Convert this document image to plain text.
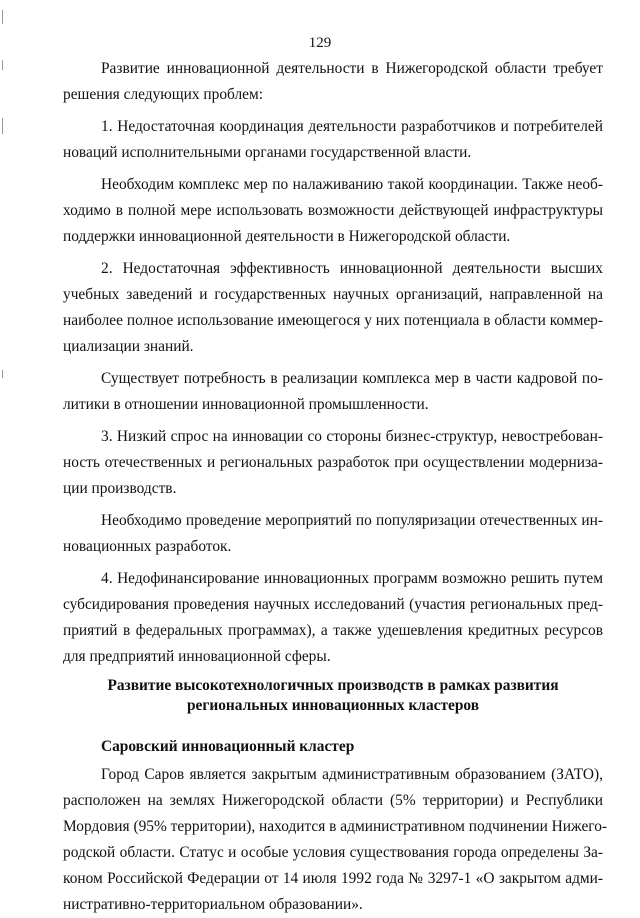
129

Развитие инновационной деятельности в Нижегородской области требует
решения следующих проблем:

1. Недостаточная координация деятельности разработчиков и потребителей
новаций исполнительными органами государственной власти.

Необходим комплекс мер по налаживанию такой координации. Также необ-
ходимо в полной мере использовать возможности действующей инфраструктуры
поддержки инновационной деятельности в Нижегородской области.

2. Недостаточная эффективность инновационной деятельности высших
учебных заведений и государственных научных организаций, направленной на
наиболее полное использование имеющегося у них потенциала в области коммер-
циализации знаний.

Существует потребность в реализации комплекса мер в части кадровой по-
литики в отношении инновационной промышленности.

3. Низкий спрос на инновации со стороны бизнес-структур, невостребован-
ность отечественных и региональных разработок при осуществлении модерниза-
ции производств.

Необходимо проведение мероприятий по популяризации отечественных ин-
новационных разработок.

4. Недофинансирование инновационных программ возможно решить путем
субсидирования проведения научных исследований (участия региональных пред-
приятий в федеральных программах), а также удешевления кредитных ресурсов
для предприятий инновационной сферы.

Развитие высокотехнологичных производств в рамках развития
региональных инновационных кластеров
Саровский инновационный кластер

Город Саров является закрытым административным образованием (ЗАТО),
расположен на землях Нижегородской области (5% территории) и Республики
Мордовия (95% территории), находится в административном подчинении Нижего-
родской области. Статус и особые условия существования города определены За-
коном Российской Федерации от 14 июля 1992 года № 3297-1 «О закрытом адми-
нистративно-территориальном образовании».
